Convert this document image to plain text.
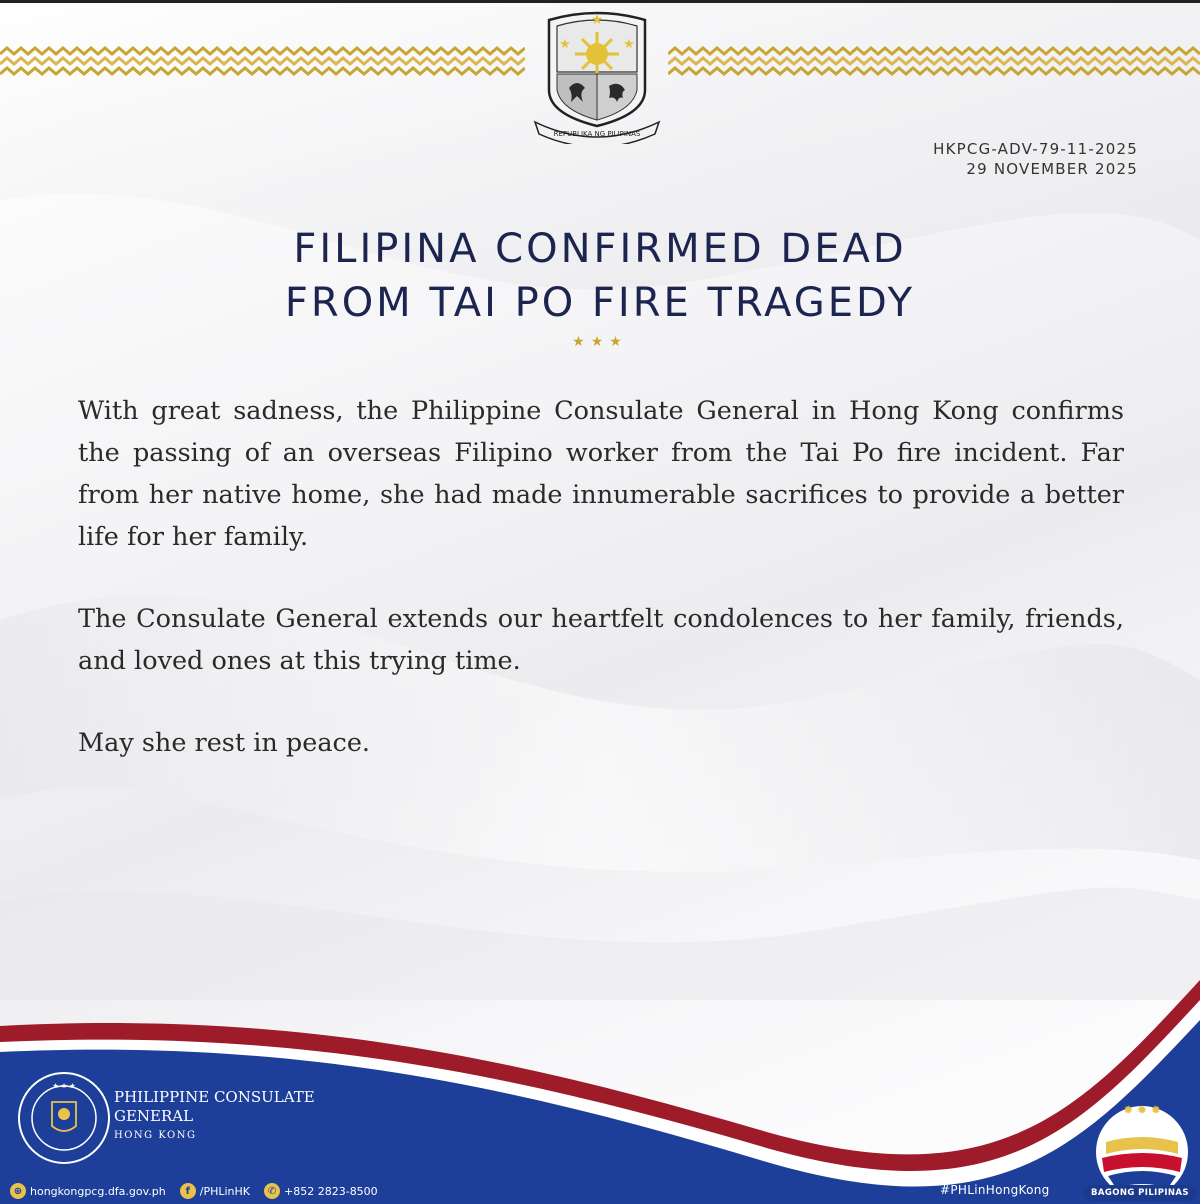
★
★	★
REPUBLIKA NG PILIPINAS
HKPCG-ADV-79-11-2025
29 NOVEMBER 2025
FILIPINA CONFIRMED DEAD
FROM TAI PO FIRE TRAGEDY
★★★

With great sadness, the Philippine Consulate General in Hong Kong confirms the passing of an overseas Filipino worker from the Tai Po fire incident. Far from her native home, she had made innumerable sacrifices to provide a better life for her family.

The Consulate General extends our heartfelt condolences to her family, friends, and loved ones at this trying time.

May she rest in peace.

★ ★ ★
PHILIPPINE CONSULATE
GENERAL
HONG KONG
⊕ hongkongpcg.dfa.gov.ph	f /PHLinHK	✆ +852 2823-8500	#PHLinHongKong
✹ ✹ ✹
BAGONG PILIPINAS
